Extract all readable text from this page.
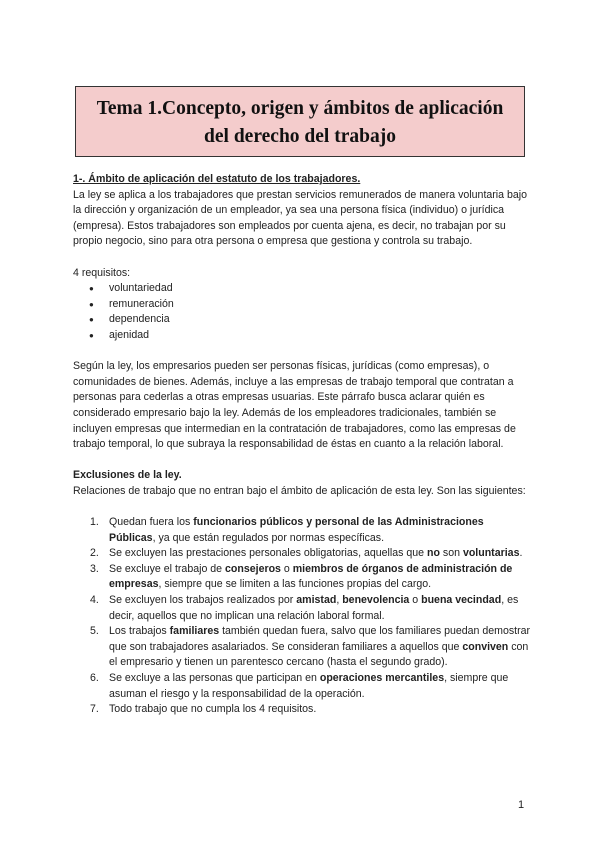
Tema 1.Concepto, origen y ámbitos de aplicación
del derecho del trabajo

1-. Ámbito de aplicación del estatuto de los trabajadores.

La ley se aplica a los trabajadores que prestan servicios remunerados de manera voluntaria bajo la dirección y organización de un empleador, ya sea una persona física (individuo) o jurídica (empresa). Estos trabajadores son empleados por cuenta ajena, es decir, no trabajan por su propio negocio, sino para otra persona o empresa que gestiona y controla su trabajo.

4 requisitos:

● voluntariedad
● remuneración
● dependencia
● ajenidad

Según la ley, los empresarios pueden ser personas físicas, jurídicas (como empresas), o comunidades de bienes. Además, incluye a las empresas de trabajo temporal que contratan a personas para cederlas a otras empresas usuarias. Este párrafo busca aclarar quién es considerado empresario bajo la ley. Además de los empleadores tradicionales, también se incluyen empresas que intermedian en la contratación de trabajadores, como las empresas de trabajo temporal, lo que subraya la responsabilidad de éstas en cuanto a la relación laboral.

Exclusiones de la ley.

Relaciones de trabajo que no entran bajo el ámbito de aplicación de esta ley. Son las siguientes:

1. Quedan fuera los funcionarios públicos y personal de las Administraciones Públicas, ya que están regulados por normas específicas.
2. Se excluyen las prestaciones personales obligatorias, aquellas que no son voluntarias.
3. Se excluye el trabajo de consejeros o miembros de órganos de administración de empresas, siempre que se limiten a las funciones propias del cargo.
4. Se excluyen los trabajos realizados por amistad, benevolencia o buena vecindad, es decir, aquellos que no implican una relación laboral formal.
5. Los trabajos familiares también quedan fuera, salvo que los familiares puedan demostrar que son trabajadores asalariados. Se consideran familiares a aquellos que conviven con el empresario y tienen un parentesco cercano (hasta el segundo grado).
6. Se excluye a las personas que participan en operaciones mercantiles, siempre que asuman el riesgo y la responsabilidad de la operación.
7. Todo trabajo que no cumpla los 4 requisitos.
1
